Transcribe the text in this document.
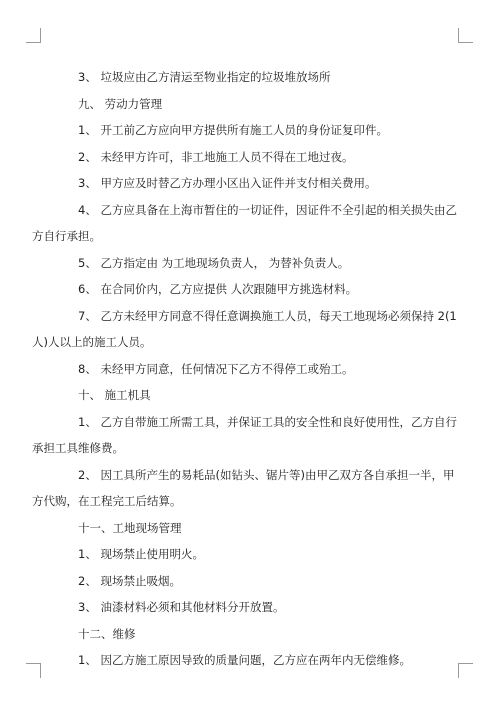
3、 垃圾应由乙方清运至物业指定的垃圾堆放场所

九、 劳动力管理

1、 开工前乙方应向甲方提供所有施工人员的身份证复印件。

2、 未经甲方许可，非工地施工人员不得在工地过夜。

3、 甲方应及时替乙方办理小区出入证件并支付相关费用。

4、 乙方应具备在上海市暂住的一切证件，因证件不全引起的相关损失由乙方自行承担。

5、 乙方指定由 为工地现场负责人， 为替补负责人。

6、 在合同价内，乙方应提供 人次跟随甲方挑选材料。

7、 乙方未经甲方同意不得任意调换施工人员，每天工地现场必须保持 2(1 人)人以上的施工人员。

8、 未经甲方同意，任何情况下乙方不得停工或殆工。

十、 施工机具

1、 乙方自带施工所需工具，并保证工具的安全性和良好使用性，乙方自行承担工具维修费。

2、 因工具所产生的易耗品(如钻头、锯片等)由甲乙双方各自承担一半，甲方代购，在工程完工后结算。

十一、工地现场管理

1、 现场禁止使用明火。

2、 现场禁止吸烟。

3、 油漆材料必须和其他材料分开放置。

十二、维修

1、 因乙方施工原因导致的质量问题，乙方应在两年内无偿维修。
